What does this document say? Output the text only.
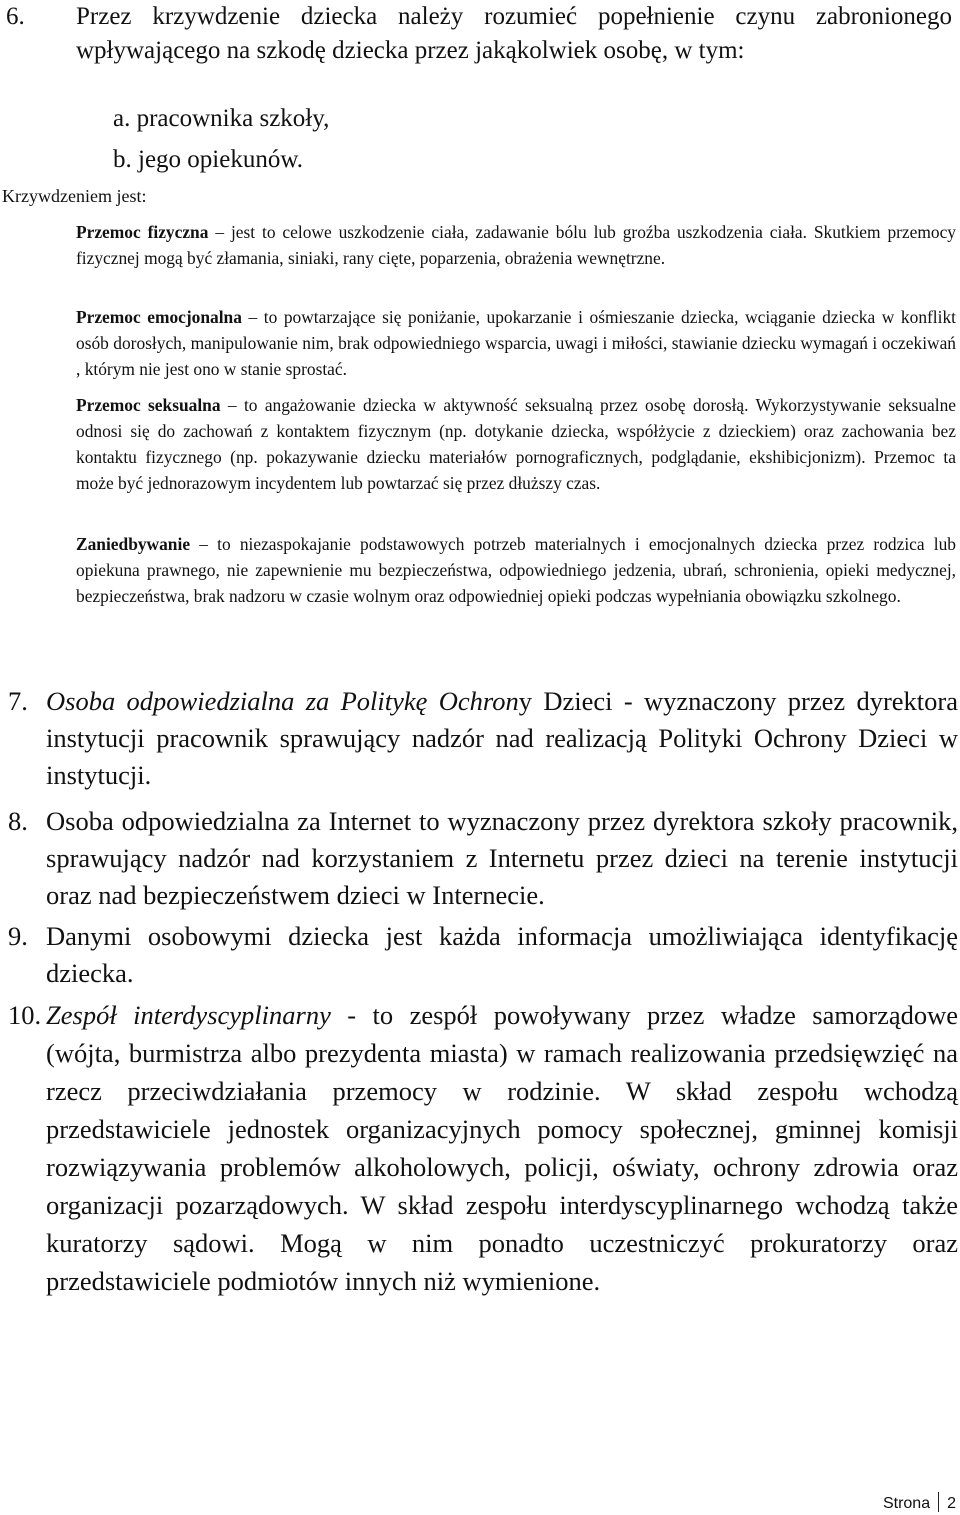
6. Przez krzywdzenie dziecka należy rozumieć popełnienie czynu zabronionego wpływającego na szkodę dziecka przez jakąkolwiek osobę, w tym:
a. pracownika szkoły,
b. jego opiekunów.
Krzywdzeniem jest:
Przemoc fizyczna – jest to celowe uszkodzenie ciała, zadawanie bólu lub groźba uszkodzenia ciała. Skutkiem przemocy fizycznej mogą być złamania, siniaki, rany cięte, poparzenia, obrażenia wewnętrzne.
Przemoc emocjonalna – to powtarzające się poniżanie, upokarzanie i ośmieszanie dziecka, wciąganie dziecka w konflikt osób dorosłych, manipulowanie nim, brak odpowiedniego wsparcia, uwagi i miłości, stawianie dziecku wymagań i oczekiwań , którym nie jest ono w stanie sprostać.
Przemoc seksualna – to angażowanie dziecka w aktywność seksualną przez osobę dorosłą. Wykorzystywanie seksualne odnosi się do zachowań z kontaktem fizycznym (np. dotykanie dziecka, współżycie z dzieckiem) oraz zachowania bez kontaktu fizycznego (np. pokazywanie dziecku materiałów pornograficznych, podglądanie, ekshibicjonizm). Przemoc ta może być jednorazowym incydentem lub powtarzać się przez dłuższy czas.
Zaniedbywanie – to niezaspokajanie podstawowych potrzeb materialnych i emocjonalnych dziecka przez rodzica lub opiekuna prawnego, nie zapewnienie mu bezpieczeństwa, odpowiedniego jedzenia, ubrań, schronienia, opieki medycznej, bezpieczeństwa, brak nadzoru w czasie wolnym oraz odpowiedniej opieki podczas wypełniania obowiązku szkolnego.
7. Osoba odpowiedzialna za Politykę Ochrony Dzieci - wyznaczony przez dyrektora instytucji pracownik sprawujący nadzór nad realizacją Polityki Ochrony Dzieci w instytucji.
8. Osoba odpowiedzialna za Internet to wyznaczony przez dyrektora szkoły pracownik, sprawujący nadzór nad korzystaniem z Internetu przez dzieci na terenie instytucji oraz nad bezpieczeństwem dzieci w Internecie.
9. Danymi osobowymi dziecka jest każda informacja umożliwiająca identyfikację dziecka.
10. Zespół interdyscyplinarny - to zespół powoływany przez władze samorządowe (wójta, burmistrza albo prezydenta miasta) w ramach realizowania przedsięwzięć na rzecz przeciwdziałania przemocy w rodzinie. W skład zespołu wchodzą przedstawiciele jednostek organizacyjnych pomocy społecznej, gminnej komisji rozwiązywania problemów alkoholowych, policji, oświaty, ochrony zdrowia oraz organizacji pozarządowych. W skład zespołu interdyscyplinarnego wchodzą także kuratorzy sądowi. Mogą w nim ponadto uczestniczyć prokuratorzy oraz przedstawiciele podmiotów innych niż wymienione.
Strona 2
